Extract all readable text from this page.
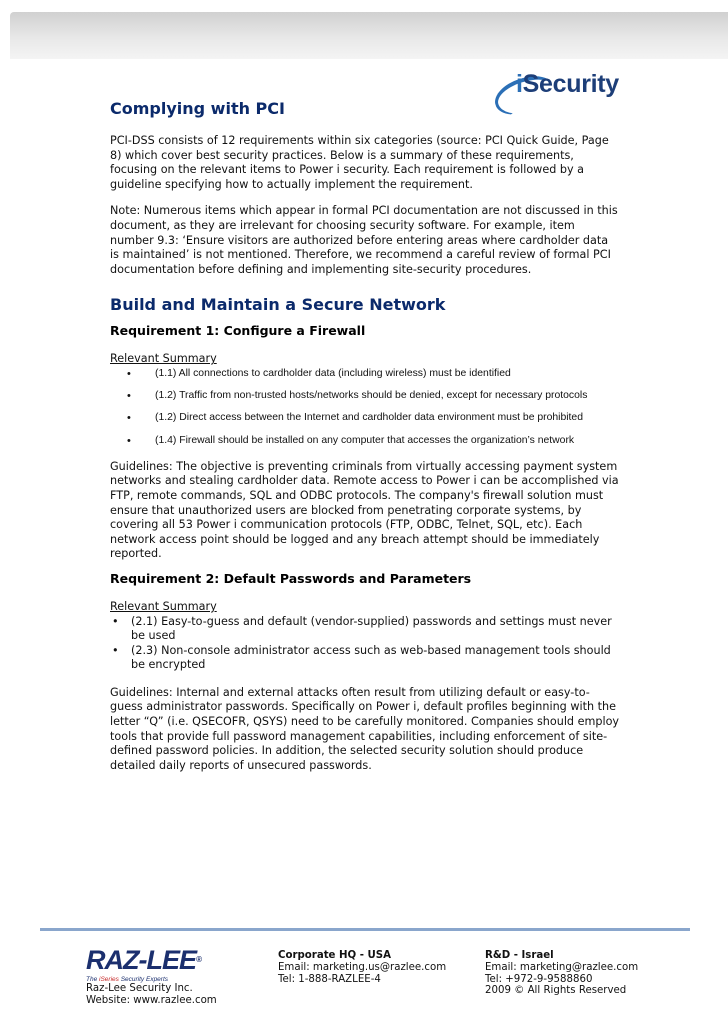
iSecurity
Complying with PCI

PCI-DSS consists of 12 requirements within six categories (source: PCI Quick Guide, Page 8) which cover best security practices. Below is a summary of these requirements, focusing on the relevant items to Power i security. Each requirement is followed by a guideline specifying how to actually implement the requirement.

Note: Numerous items which appear in formal PCI documentation are not discussed in this document, as they are irrelevant for choosing security software. For example, item number 9.3: ‘Ensure visitors are authorized before entering areas where cardholder data is maintained’ is not mentioned. Therefore, we recommend a careful review of formal PCI documentation before defining and implementing site-security procedures.

Build and Maintain a Secure Network
Requirement 1: Configure a Firewall
Relevant Summary
• (1.1) All connections to cardholder data (including wireless) must be identified
• (1.2) Traffic from non-trusted hosts/networks should be denied, except for necessary protocols
• (1.2) Direct access between the Internet and cardholder data environment must be prohibited
• (1.4) Firewall should be installed on any computer that accesses the organization’s network

Guidelines: The objective is preventing criminals from virtually accessing payment system networks and stealing cardholder data. Remote access to Power i can be accomplished via FTP, remote commands, SQL and ODBC protocols. The company's firewall solution must ensure that unauthorized users are blocked from penetrating corporate systems, by covering all 53 Power i communication protocols (FTP, ODBC, Telnet, SQL, etc). Each network access point should be logged and any breach attempt should be immediately reported.

Requirement 2: Default Passwords and Parameters
Relevant Summary
• (2.1) Easy-to-guess and default (vendor-supplied) passwords and settings must never be used
• (2.3) Non-console administrator access such as web-based management tools should be encrypted

Guidelines: Internal and external attacks often result from utilizing default or easy-to-guess administrator passwords. Specifically on Power i, default profiles beginning with the letter “Q” (i.e. QSECOFR, QSYS) need to be carefully monitored. Companies should employ tools that provide full password management capabilities, including enforcement of site-defined password policies. In addition, the selected security solution should produce detailed daily reports of unsecured passwords.

RAZ-LEE®
The iSeries Security Experts
Raz-Lee Security Inc.
Website: www.razlee.com
Corporate HQ - USA
Email: marketing.us@razlee.com
Tel: 1-888-RAZLEE-4
R&D - Israel
Email: marketing@razlee.com
Tel: +972-9-9588860
2009 © All Rights Reserved
